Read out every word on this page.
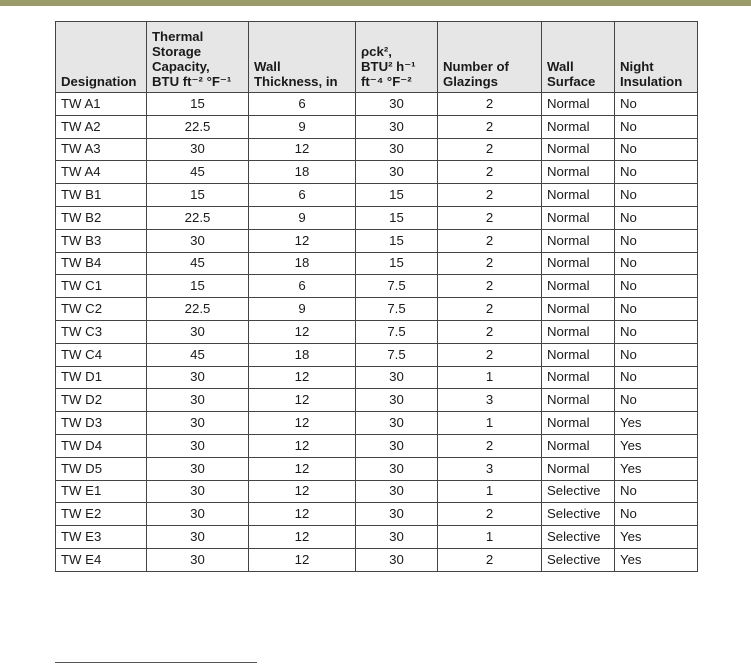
Designation	Thermal
Storage
Capacity,
BTU ft⁻² °F⁻¹	Wall
Thickness, in	ρck²,
BTU² h⁻¹
ft⁻⁴ °F⁻²	Number of
Glazings	Wall
Surface	Night
Insulation
TW A1	15	6	30	2	Normal	No
TW A2	22.5	9	30	2	Normal	No
TW A3	30	12	30	2	Normal	No
TW A4	45	18	30	2	Normal	No
TW B1	15	6	15	2	Normal	No
TW B2	22.5	9	15	2	Normal	No
TW B3	30	12	15	2	Normal	No
TW B4	45	18	15	2	Normal	No
TW C1	15	6	7.5	2	Normal	No
TW C2	22.5	9	7.5	2	Normal	No
TW C3	30	12	7.5	2	Normal	No
TW C4	45	18	7.5	2	Normal	No
TW D1	30	12	30	1	Normal	No
TW D2	30	12	30	3	Normal	No
TW D3	30	12	30	1	Normal	Yes
TW D4	30	12	30	2	Normal	Yes
TW D5	30	12	30	3	Normal	Yes
TW E1	30	12	30	1	Selective	No
TW E2	30	12	30	2	Selective	No
TW E3	30	12	30	1	Selective	Yes
TW E4	30	12	30	2	Selective	Yes
